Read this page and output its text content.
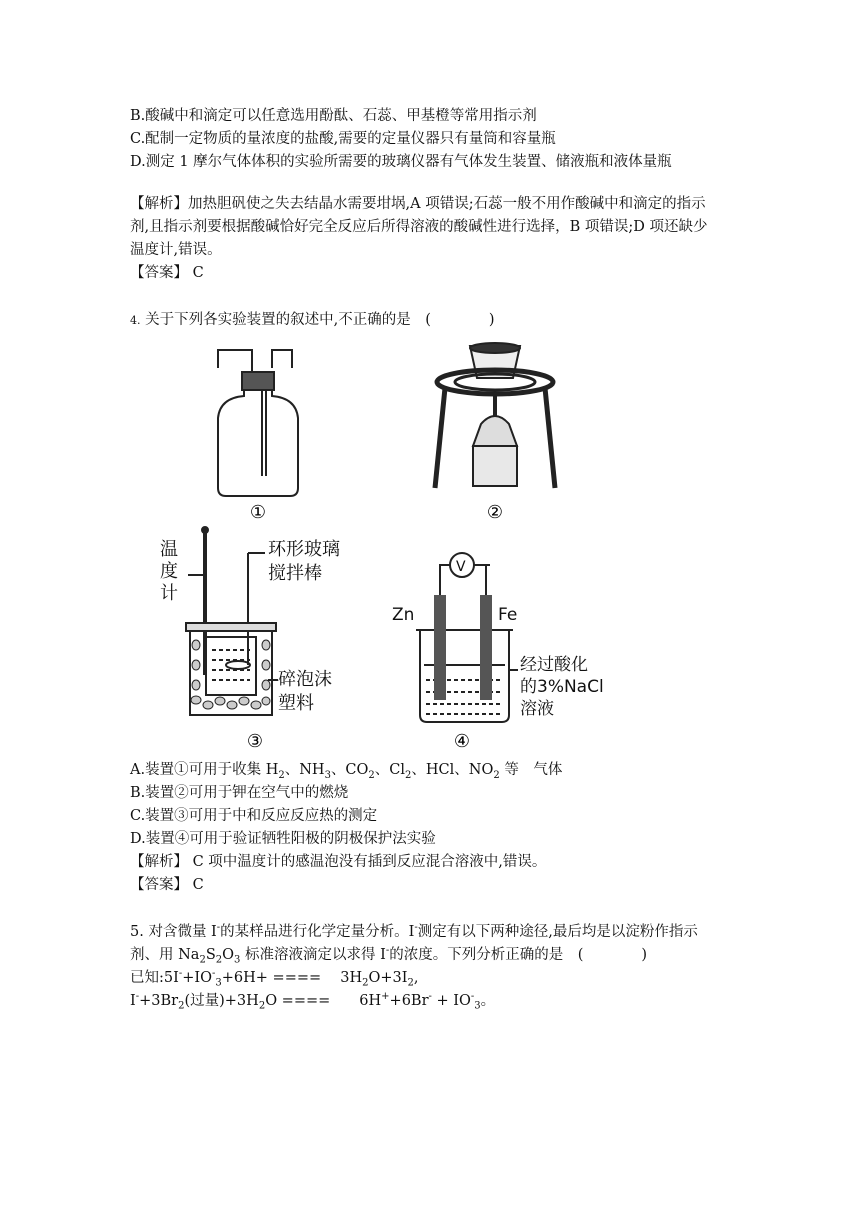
B.酸碱中和滴定可以任意选用酚酞、石蕊、甲基橙等常用指示剂
C.配制一定物质的量浓度的盐酸,需要的定量仪器只有量筒和容量瓶
D.测定 1 摩尔气体体积的实验所需要的玻璃仪器有气体发生装置、储液瓶和液体量瓶
【解析】加热胆矾使之失去结晶水需要坩埚,A 项错误;石蕊一般不用作酸碱中和滴定的指示
剂,且指示剂要根据酸碱恰好完全反应后所得溶液的酸碱性进行选择，B 项错误;D 项还缺少
温度计,错误。
【答案】 C
4. 关于下列各实验装置的叙述中,不正确的是　(　　　　)
①	②
温
度
计
环形玻璃
搅拌棒
碎泡沫
塑料
③
V
Zn	Fe
经过酸化
的3%NaCl
溶液
④
A.装置①可用于收集 $H_2$、$NH_3$、$CO_2$、$Cl_2$、HCl、$NO_2$ 等　气体
B.装置②可用于钾在空气中的燃烧
C.装置③可用于中和反应反应热的测定
D.装置④可用于验证牺牲阳极的阴极保护法实验
【解析】 C 项中温度计的感温泡没有插到反应混合溶液中,错误。
【答案】 C
5. 对含微量 I-的某样品进行化学定量分析。I-测定有以下两种途径,最后均是以淀粉作指示
剂、用 $Na_2S_2O_3$ 标准溶液滴定以求得 I-的浓度。下列分析正确的是　(　　　　)
已知$:5I^-+IO^-_3+6H+$ ====　 $3H_2O+3I_2$,
$I^-+3Br_2$(过量)$+3H_2O$ ====　　$6H^++6Br^- + IO^-_3$。
